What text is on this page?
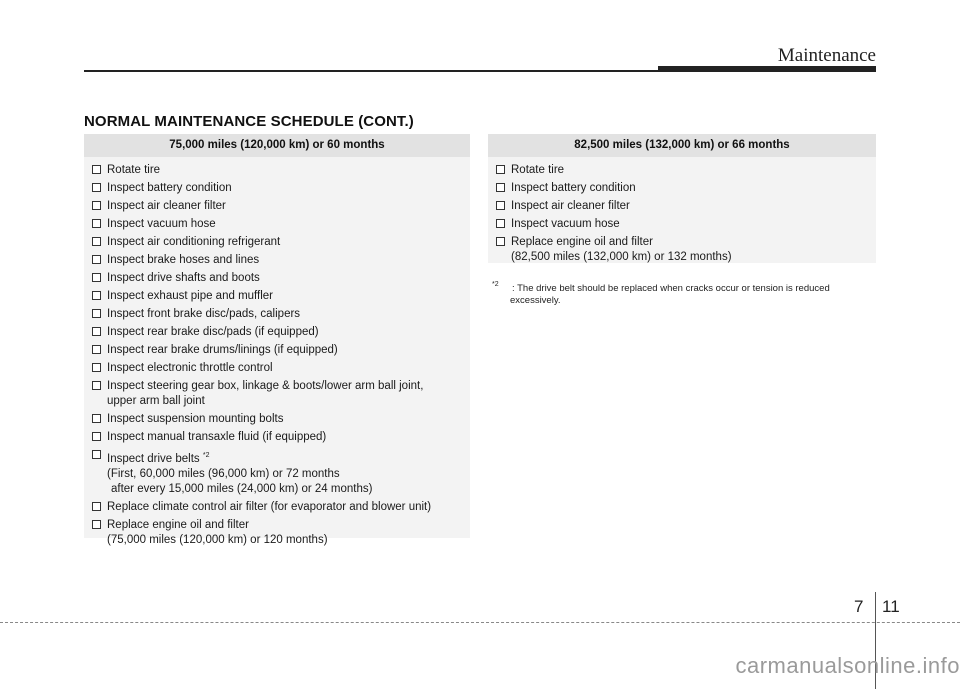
Maintenance
NORMAL MAINTENANCE SCHEDULE (CONT.)
75,000 miles (120,000 km) or 60 months
Rotate tire
Inspect battery condition
Inspect air cleaner filter
Inspect vacuum hose
Inspect air conditioning refrigerant
Inspect brake hoses and lines
Inspect drive shafts and boots
Inspect exhaust pipe and muffler
Inspect front brake disc/pads, calipers
Inspect rear brake disc/pads (if equipped)
Inspect rear brake drums/linings (if equipped)
Inspect electronic throttle control
Inspect steering gear box, linkage & boots/lower arm ball joint,
upper arm ball joint
Inspect suspension mounting bolts
Inspect manual transaxle fluid (if equipped)
Inspect drive belts $^{*2}$
(First, 60,000 miles (96,000 km) or 72 months
after every 15,000 miles (24,000 km) or 24 months)
Replace climate control air filter (for evaporator and blower unit)
Replace engine oil and filter
(75,000 miles (120,000 km) or 120 months)
82,500 miles (132,000 km) or 66 months
Rotate tire
Inspect battery condition
Inspect air cleaner filter
Inspect vacuum hose
Replace engine oil and filter
(82,500 miles (132,000 km) or 132 months)
$^{*2}$ : The drive belt should be replaced when cracks occur or tension is reduced
excessively.
7 11
carmanualsonline.info
